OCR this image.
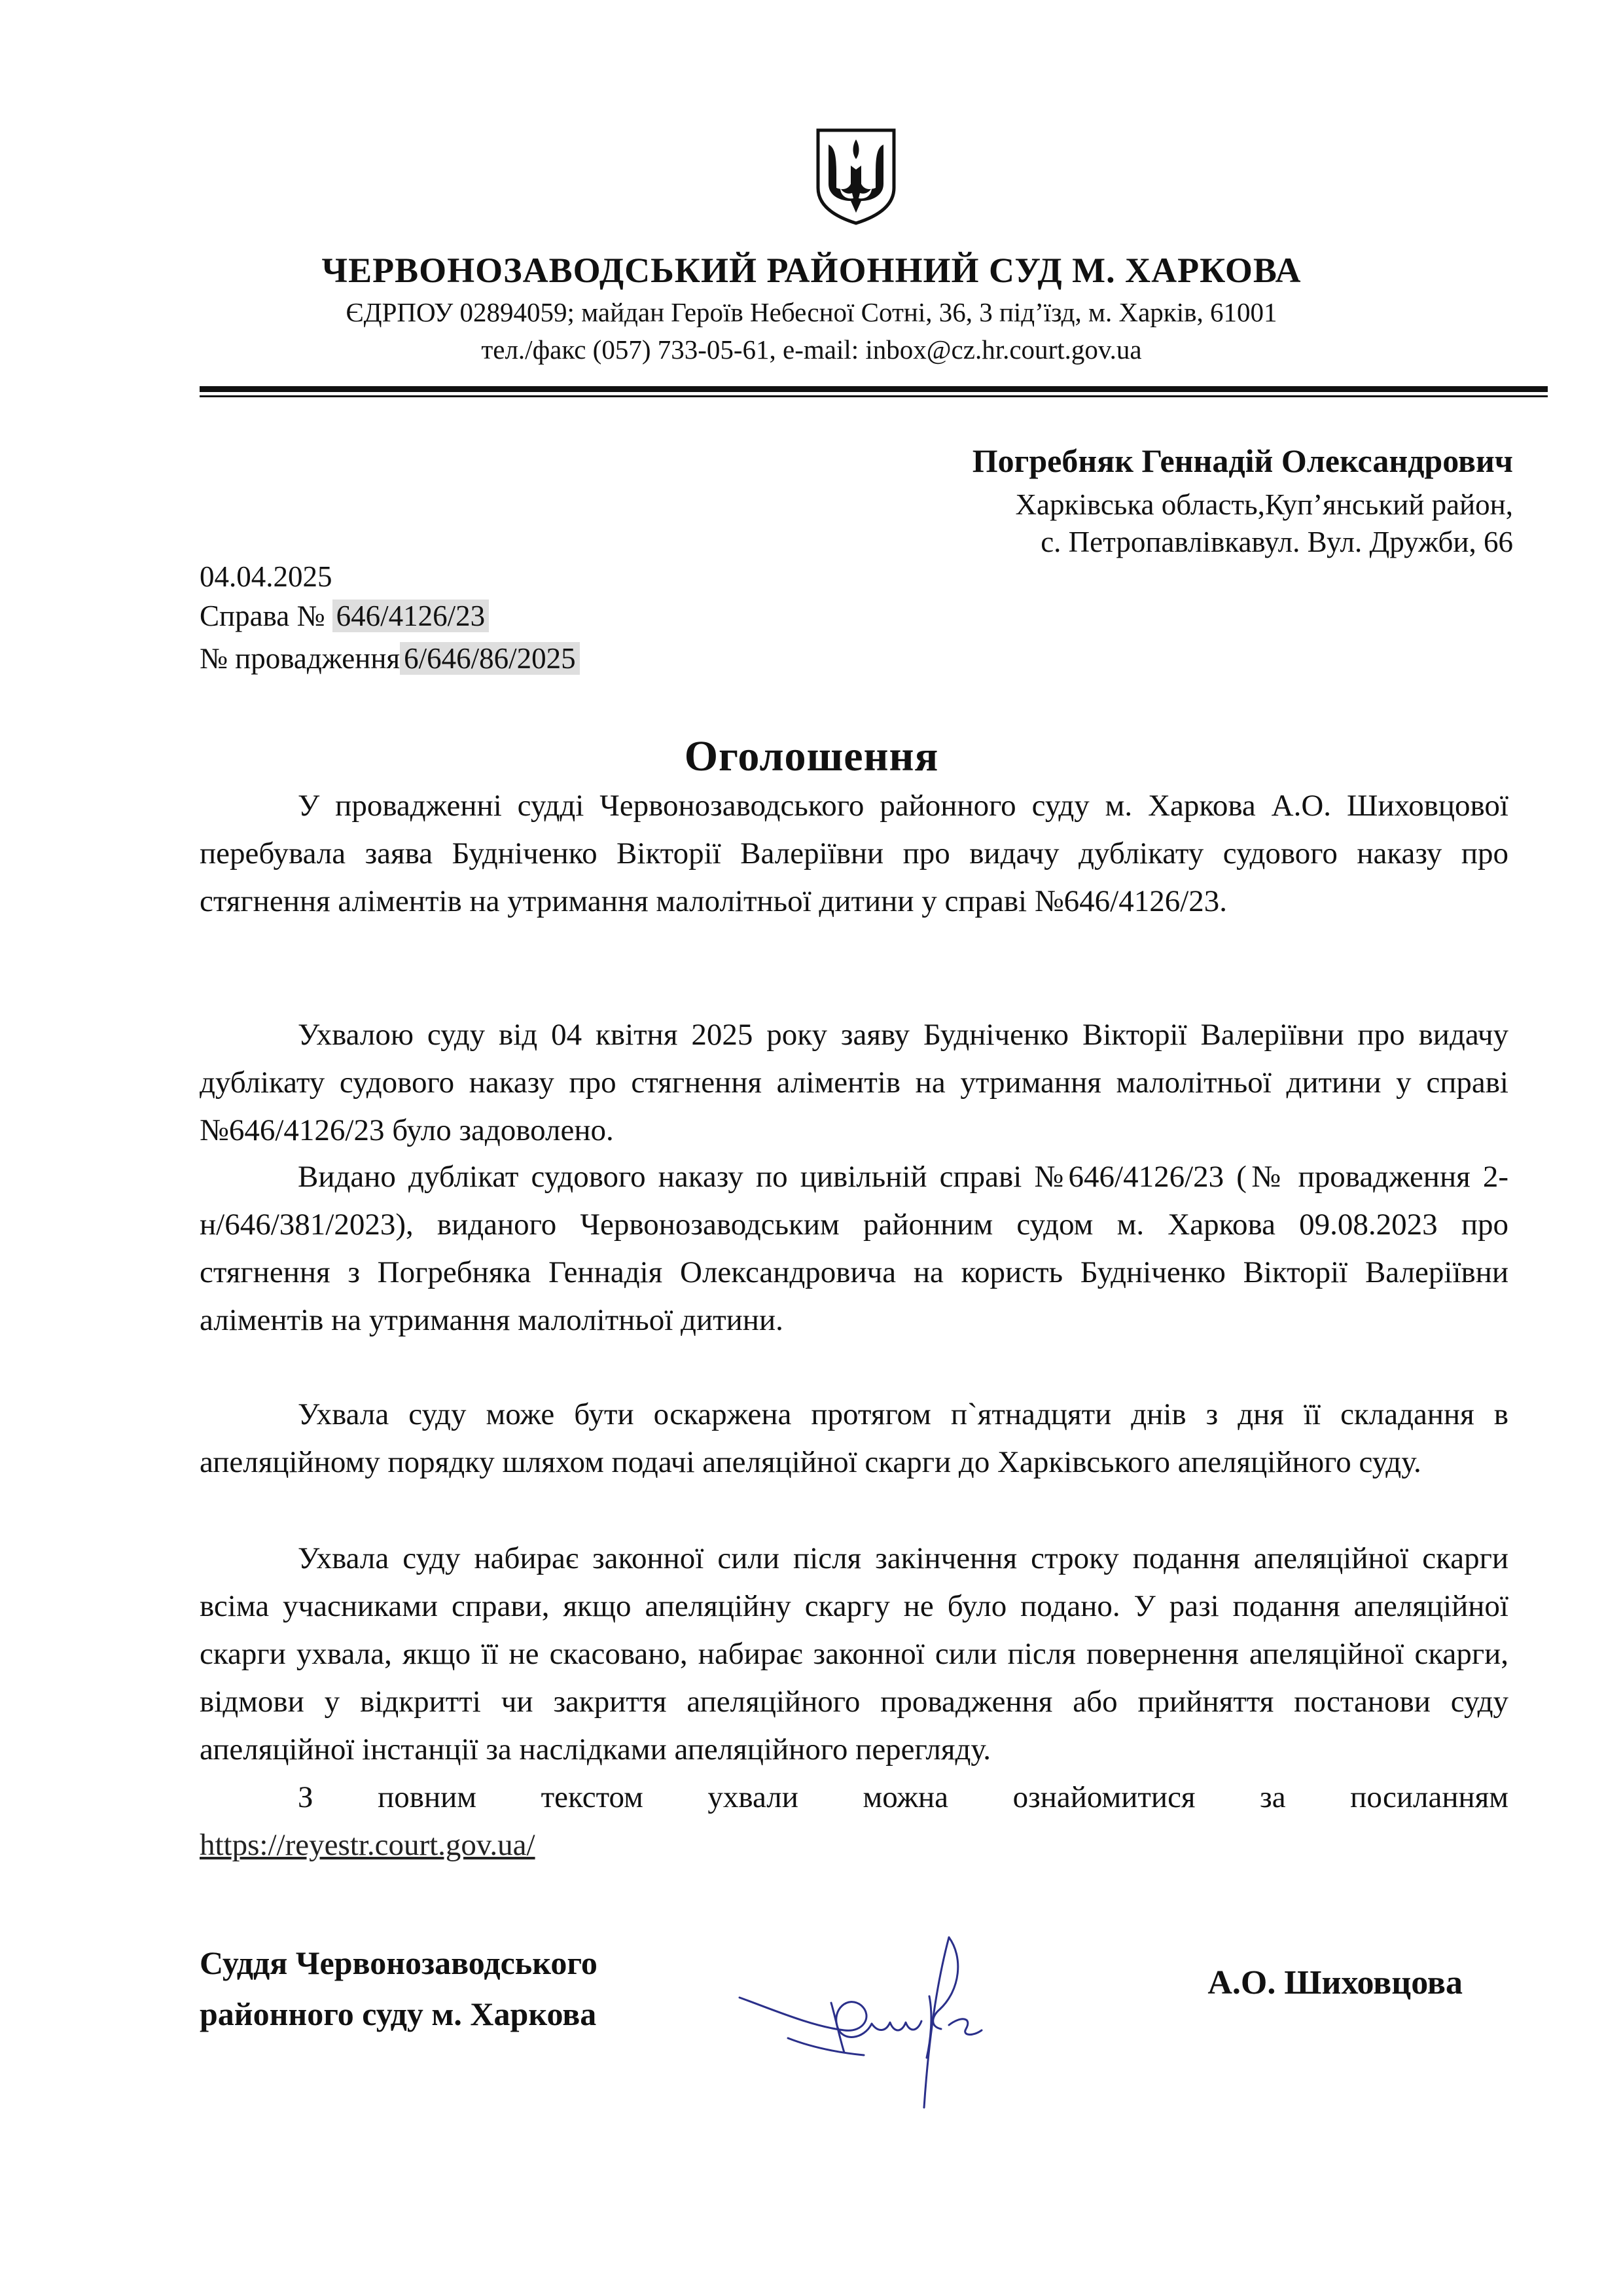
ЧЕРВОНОЗАВОДСЬКИЙ РАЙОННИЙ СУД М. ХАРКОВА
ЄДРПОУ 02894059; майдан Героїв Небесної Сотні, 36, 3 під’їзд, м. Харків, 61001
тел./факс (057) 733-05-61, e-mail: inbox@cz.hr.court.gov.ua
Погребняк Геннадій Олександрович
Харківська область,Куп’янський район,
с. Петропавлівкавул. Вул. Дружби, 66
04.04.2025
Справа № 646/4126/23
№ провадження 6/646/86/2025
Оголошення

У провадженні судді Червонозаводського районного суду м. Харкова А.О. Шиховцової перебувала заява Будніченко Вікторії Валеріївни про видачу дублікату судового наказу про стягнення аліментів на утримання малолітньої дитини у справі №646/4126/23.

Ухвалою суду від 04 квітня 2025 року заяву Будніченко Вікторії Валеріївни про видачу дублікату судового наказу про стягнення аліментів на утримання малолітньої дитини у справі №646/4126/23 було задоволено.

Видано дублікат судового наказу по цивільній справі №646/4126/23 (№ провадження 2-н/646/381/2023), виданого Червонозаводським районним судом м. Харкова 09.08.2023 про стягнення з Погребняка Геннадія Олександровича на користь Будніченко Вікторії Валеріївни аліментів на утримання малолітньої дитини.

Ухвала суду може бути оскаржена протягом п`ятнадцяти днів з дня її складання в апеляційному порядку шляхом подачі апеляційної скарги до Харківського апеляційного суду.

Ухвала суду набирає законної сили після закінчення строку подання апеляційної скарги всіма учасниками справи, якщо апеляційну скаргу не було подано. У разі подання апеляційної скарги ухвала, якщо її не скасовано, набирає законної сили після повернення апеляційної скарги, відмови у відкритті чи закриття апеляційного провадження або прийняття постанови суду апеляційної інстанції за наслідками апеляційного перегляду.

З повним текстом ухвали можна ознайомитися за посиланням

https://reyestr.court.gov.ua/
Суддя Червонозаводського
районного суду м. Харкова
А.О. Шиховцова
